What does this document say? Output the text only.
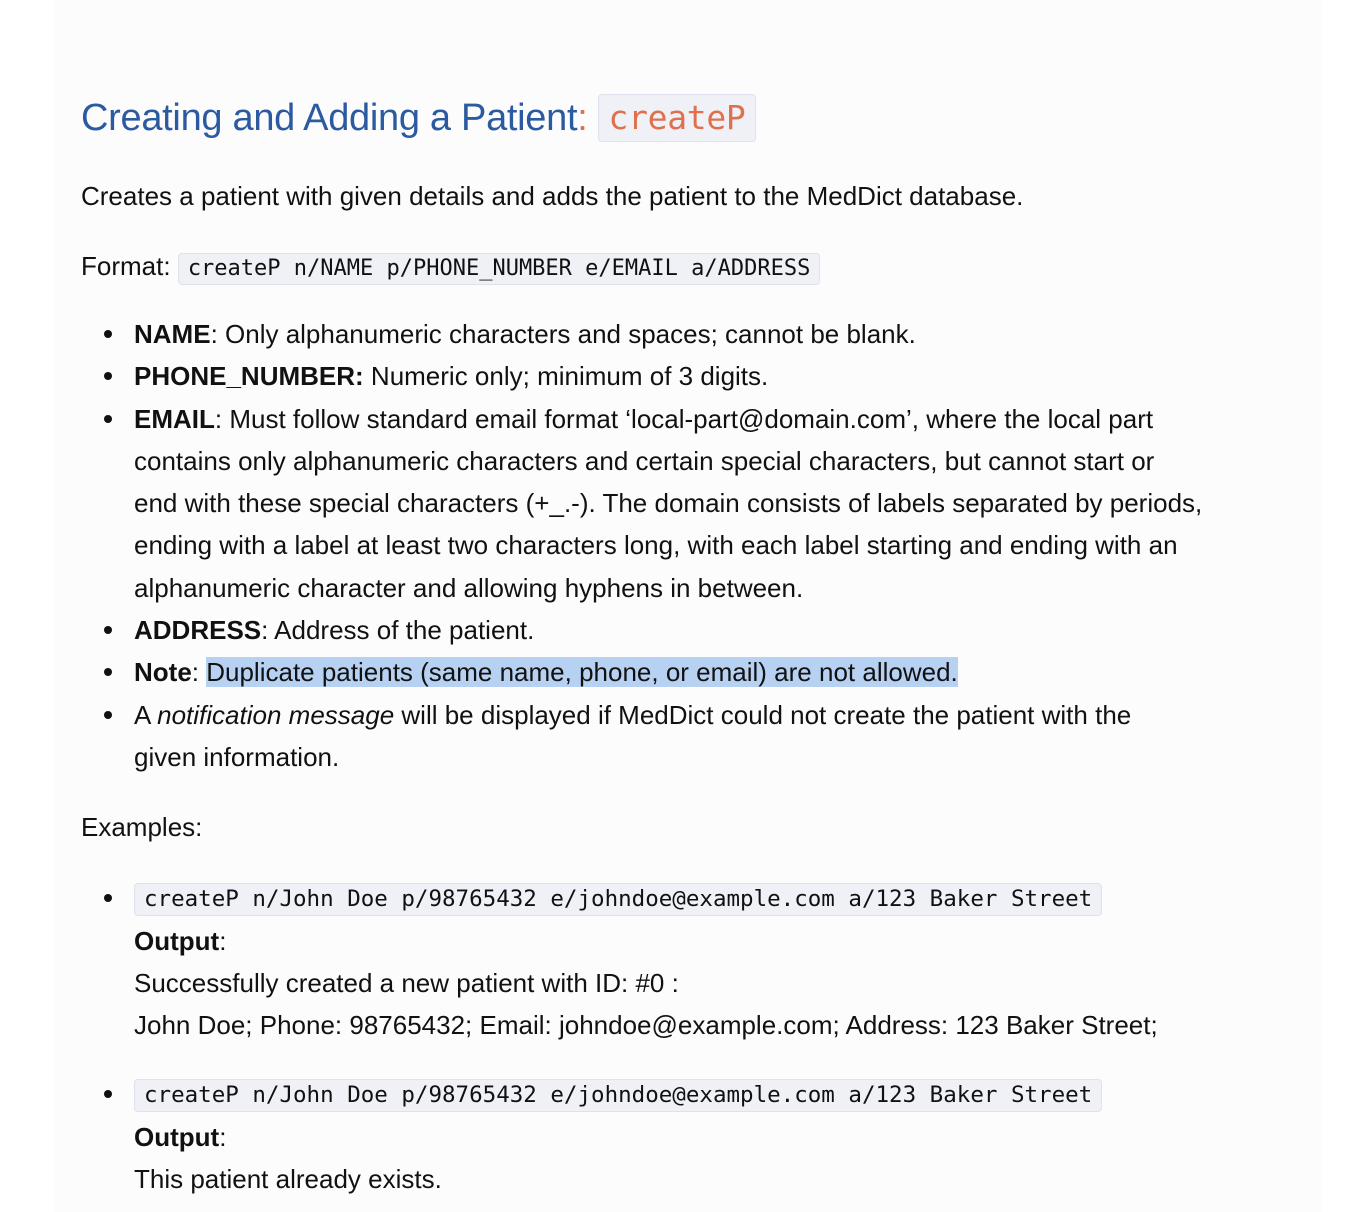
Creating and Adding a Patient : createP
Creates a patient with given details and adds the patient to the MedDict database.
Format: createP n/NAME p/PHONE_NUMBER e/EMAIL a/ADDRESS
NAME: Only alphanumeric characters and spaces; cannot be blank.
PHONE_NUMBER: Numeric only; minimum of 3 digits.
EMAIL: Must follow standard email format ‘local-part@domain.com’, where the local part
contains only alphanumeric characters and certain special characters, but cannot start or
end with these special characters (+_.-). The domain consists of labels separated by periods,
ending with a label at least two characters long, with each label starting and ending with an
alphanumeric character and allowing hyphens in between.
ADDRESS: Address of the patient.
Note: Duplicate patients (same name, phone, or email) are not allowed.
A notification message will be displayed if MedDict could not create the patient with the
given information.
Examples:
createP n/John Doe p/98765432 e/johndoe@example.com a/123 Baker Street
Output:
Successfully created a new patient with ID: #0 :
John Doe; Phone: 98765432; Email: johndoe@example.com; Address: 123 Baker Street;
createP n/John Doe p/98765432 e/johndoe@example.com a/123 Baker Street
Output:
This patient already exists.
